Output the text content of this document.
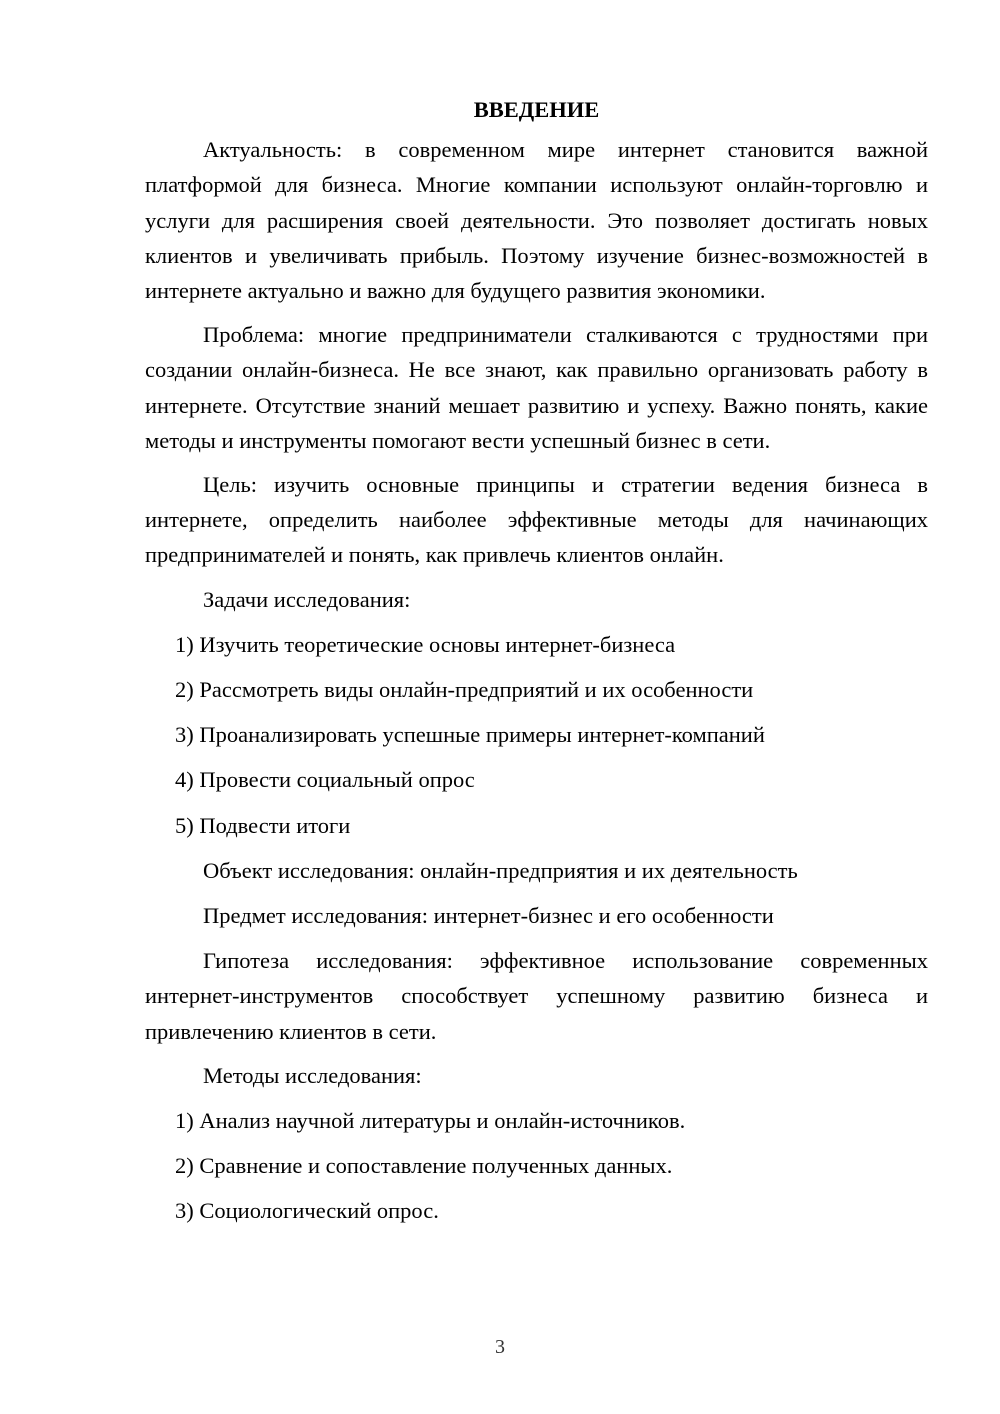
ВВЕДЕНИЕ

Актуальность: в современном мире интернет становится важной платформой для бизнеса. Многие компании используют онлайн-торговлю и услуги для расширения своей деятельности. Это позволяет достигать новых клиентов и увеличивать прибыль. Поэтому изучение бизнес-возможностей в интернете актуально и важно для будущего развития экономики.

Проблема: многие предприниматели сталкиваются с трудностями при создании онлайн-бизнеса. Не все знают, как правильно организовать работу в интернете. Отсутствие знаний мешает развитию и успеху. Важно понять, какие методы и инструменты помогают вести успешный бизнес в сети.

Цель: изучить основные принципы и стратегии ведения бизнеса в интернете, определить наиболее эффективные методы для начинающих предпринимателей и понять, как привлечь клиентов онлайн.

Задачи исследования:
1) Изучить теоретические основы интернет-бизнеса
2) Рассмотреть виды онлайн-предприятий и их особенности
3) Проанализировать успешные примеры интернет-компаний
4) Провести социальный опрос
5) Подвести итоги
Объект исследования: онлайн-предприятия и их деятельность
Предмет исследования: интернет-бизнес и его особенности

Гипотеза исследования: эффективное использование современных интернет-инструментов способствует успешному развитию бизнеса и привлечению клиентов в сети.

Методы исследования:
1) Анализ научной литературы и онлайн-источников.
2) Сравнение и сопоставление полученных данных.
3) Социологический опрос.
3
